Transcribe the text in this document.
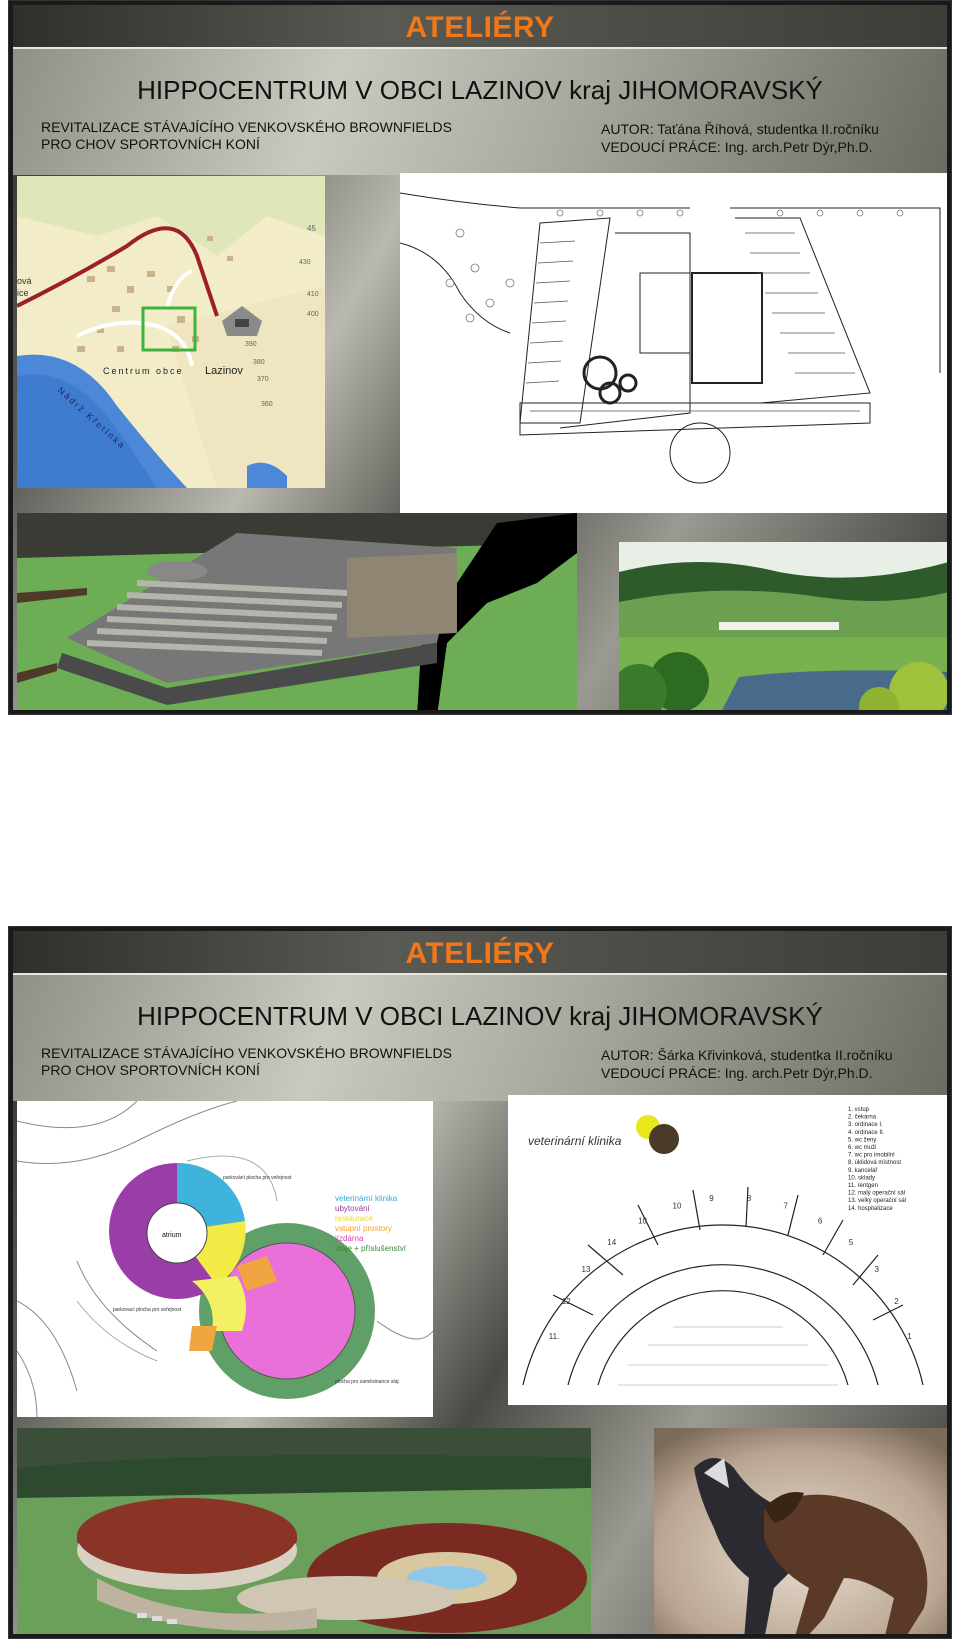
ATELIÉRY
HIPPOCENTRUM V OBCI LAZINOV kraj JIHOMORAVSKÝ
REVITALIZACE STÁVAJÍCÍHO VENKOVSKÉHO BROWNFIELDS
PRO CHOV SPORTOVNÍCH KONÍ
AUTOR: Taťána Říhová, studentka II.ročníku
VEDOUCÍ PRÁCE: Ing. arch.Petr Dýr,Ph.D.
Centrum obce Lazinov
Nádrž Křetínka
ová
ice
45
430
410
400
390
380
370
360
ATELIÉRY
HIPPOCENTRUM V OBCI LAZINOV kraj JIHOMORAVSKÝ
REVITALIZACE STÁVAJÍCÍHO VENKOVSKÉHO BROWNFIELDS
PRO CHOV SPORTOVNÍCH KONÍ
AUTOR: Šárka Křivinková, studentka II.ročníku
VEDOUCÍ PRÁCE: Ing. arch.Petr Dýr,Ph.D.
atrium
parkování plocha pro veřejnost
parkovací plocha pro veřejnost
plocha pro zaměstnance stáj
veterinární klinika
ubytování
restaurace
vstupní prostory
jízdárna
stáje + příslušenství
veterinární klinika
11.
12
13
14
10
10
9	8
7
6
5
3
2
1
1. vstup
2. čekárna
3. ordinace I.
4. ordinace II.
5. wc ženy
6. wc muži
7. wc pro imobilní
8. úklidová místnost
9. kancelář
10. sklady
11. rentgen
12. malý operační sál
13. velký operační sál
14. hospitalizace
